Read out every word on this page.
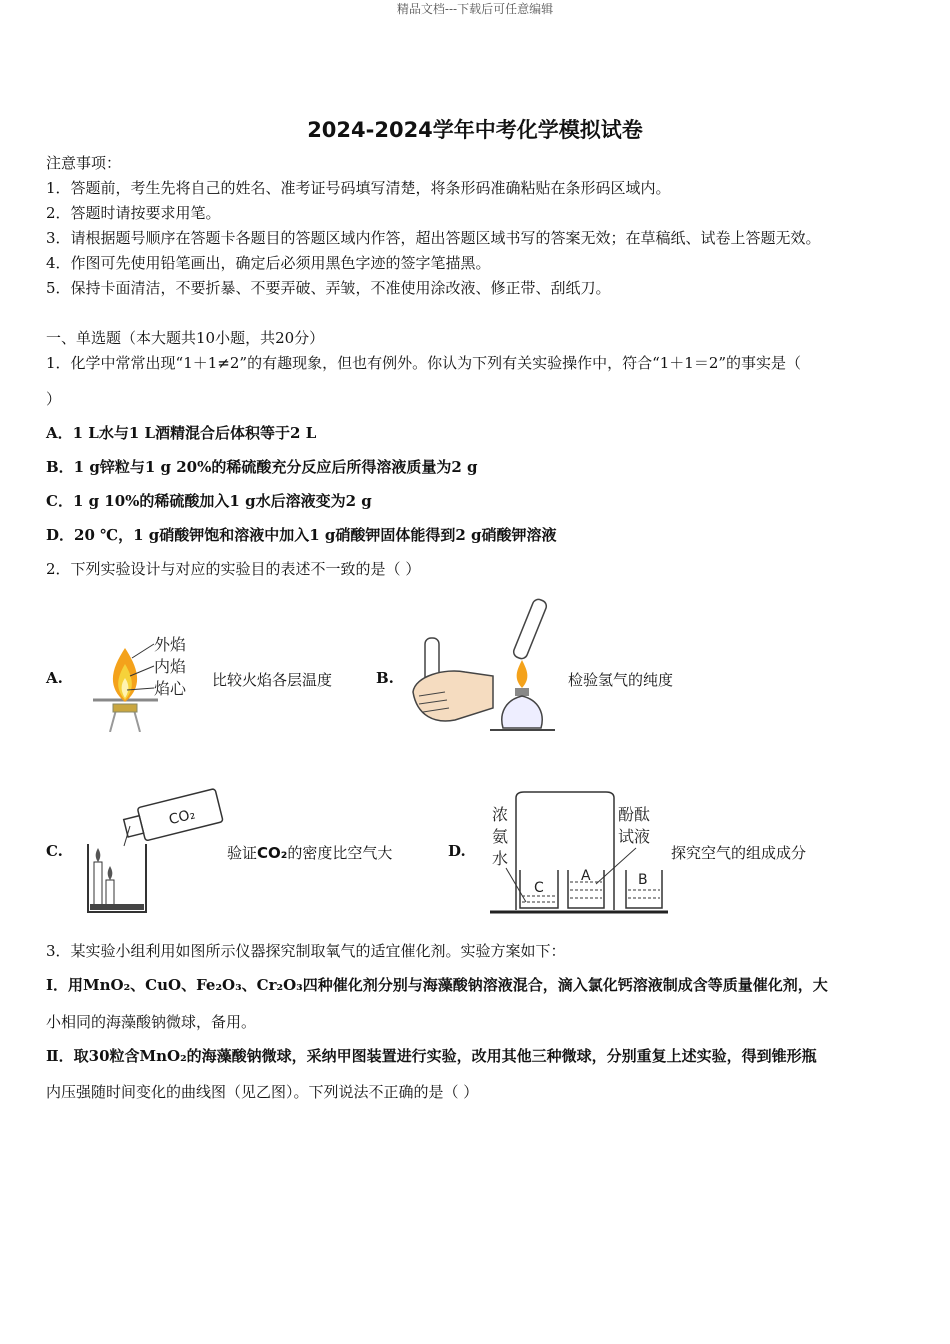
精品文档---下载后可任意编辑
2024-2024学年中考化学模拟试卷
注意事项：
1．答题前，考生先将自己的姓名、准考证号码填写清楚，将条形码准确粘贴在条形码区域内。
2．答题时请按要求用笔。
3．请根据题号顺序在答题卡各题目的答题区域内作答，超出答题区域书写的答案无效；在草稿纸、试卷上答题无效。
4．作图可先使用铅笔画出，确定后必须用黑色字迹的签字笔描黑。
5．保持卡面清洁，不要折暴、不要弄破、弄皱，不准使用涂改液、修正带、刮纸刀。
一、单选题（本大题共10小题，共20分）
1．化学中常常出现“1＋1≠2”的有趣现象，但也有例外。你认为下列有关实验操作中，符合“1＋1＝2”的事实是（
）
A．1 L水与1 L酒精混合后体积等于2 L
B．1 g锌粒与1 g 20%的稀硫酸充分反应后所得溶液质量为2 g
C．1 g 10%的稀硫酸加入1 g水后溶液变为2 g
D．20 ℃，1 g硝酸钾饱和溶液中加入1 g硝酸钾固体能得到2 g硝酸钾溶液
2．下列实验设计与对应的实验目的表述不一致的是（ ）
A.
外焰
内焰
焰心 比较火焰各层温度	B.	检验氢气的纯度
C.
CO₂
验证CO₂的密度比空气大	D.
C
A	B
浓
氨
水
酚酞
试液
探究空气的组成成分
3．某实验小组利用如图所示仪器探究制取氧气的适宜催化剂。实验方案如下：
Ⅰ．用MnO₂、CuO、Fe₂O₃、Cr₂O₃四种催化剂分别与海藻酸钠溶液混合，滴入氯化钙溶液制成含等质量催化剂，大
小相同的海藻酸钠微球，备用。
Ⅱ．取30粒含MnO₂的海藻酸钠微球，采纳甲图装置进行实验，改用其他三种微球，分别重复上述实验，得到锥形瓶
内压强随时间变化的曲线图（见乙图）。下列说法不正确的是（ ）
